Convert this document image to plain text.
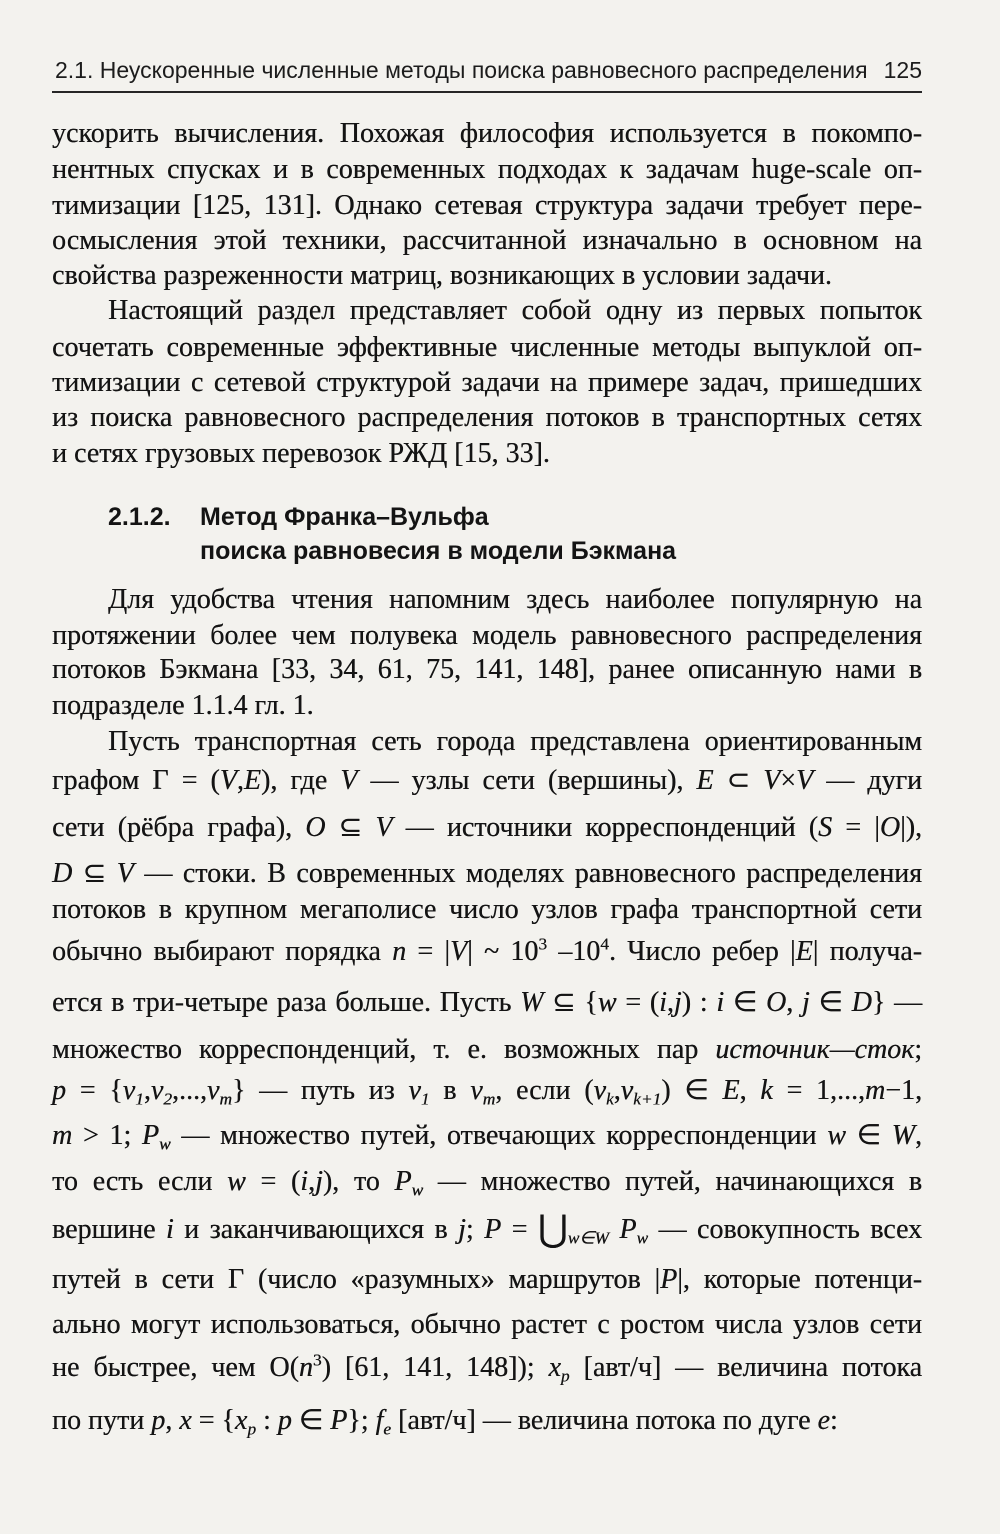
2.1. Неускоренные численные методы поиска равновесного распределения 125
2.1.2. Метод Франка–Вульфа
поиска равновесия в модели Бэкмана
ускорить вычисления. Похожая философия используется в покомпо-
нентных спусках и в современных подходах к задачам huge-scale оп-
тимизации [125, 131]. Однако сетевая структура задачи требует пере-
осмысления этой техники, рассчитанной изначально в основном на
свойства разреженности матриц, возникающих в условии задачи.
Настоящий раздел представляет собой одну из первых попыток
сочетать современные эффективные численные методы выпуклой оп-
тимизации с сетевой структурой задачи на примере задач, пришедших
из поиска равновесного распределения потоков в транспортных сетях
и сетях грузовых перевозок РЖД [15, 33].
Для удобства чтения напомним здесь наиболее популярную на
протяжении более чем полувека модель равновесного распределения
потоков Бэкмана [33, 34, 61, 75, 141, 148], ранее описанную нами в
подразделе 1.1.4 гл. 1.
Пусть транспортная сеть города представлена ориентированным
графом Γ = (V,E), где V — узлы сети (вершины), E ⊂ V×V — дуги
сети (рёбра графа), O ⊆ V — источники корреспонденций (S = |O|),
D ⊆ V — стоки. В современных моделях равновесного распределения
потоков в крупном мегаполисе число узлов графа транспортной сети
обычно выбирают порядка n = |V| ~ $10^3$ $-10^4$. Число ребер |E| получа-
ется в три-четыре раза больше. Пусть W ⊆ {w = (i,j) : i ∈ O, j ∈ D} —
множество корреспонденций, т. е. возможных пар источник—сток;
$p = \{v_1,v_2,...,v_m\}$ — путь из $v_1$ в $v_m$, если $(v_k,v_{k+1})$ ∈ E, k = 1,...,m−1,
m > 1; $P_w$ — множество путей, отвечающих корреспонденции w ∈ W,
то есть если w = (i,j), то $P_w$ — множество путей, начинающихся в
вершине i и заканчивающихся в j; $P = ⋃_{w\in W}$ $P_w$ — совокупность всех
путей в сети Γ (число «разумных» маршрутов |P|, которые потенци-
ально могут использоваться, обычно растет с ростом числа узлов сети
не быстрее, чем $O(n^3)$ [61, 141, 148]); $x_p$ [авт/ч] — величина потока
по пути p, $x = \{x_p$ : p ∈ P}; $f_e$ [авт/ч] — величина потока по дуге e:
